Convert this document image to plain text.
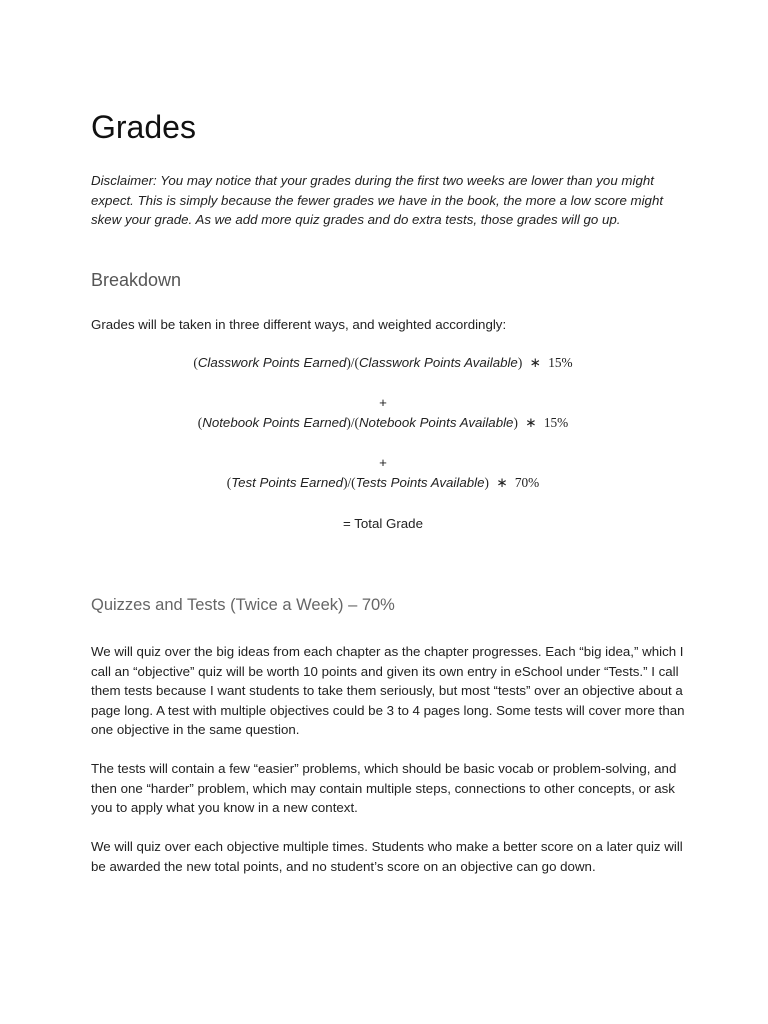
Grades

Disclaimer: You may notice that your grades during the first two weeks are lower than you might expect. This is simply because the fewer grades we have in the book, the more a low score might skew your grade. As we add more quiz grades and do extra tests, those grades will go up.

Breakdown

Grades will be taken in three different ways, and weighted accordingly:

(Classwork Points Earned)/(Classwork Points Available) ∗ 15%
+
(Notebook Points Earned)/(Notebook Points Available) ∗ 15%
+
(Test Points Earned)/(Tests Points Available) ∗ 70%
= Total Grade
Quizzes and Tests (Twice a Week) – 70%

We will quiz over the big ideas from each chapter as the chapter progresses. Each “big idea,” which I call an “objective” quiz will be worth 10 points and given its own entry in eSchool under “Tests.” I call them tests because I want students to take them seriously, but most “tests” over an objective about a page long. A test with multiple objectives could be 3 to 4 pages long. Some tests will cover more than one objective in the same question.

The tests will contain a few “easier” problems, which should be basic vocab or problem-solving, and then one “harder” problem, which may contain multiple steps, connections to other concepts, or ask you to apply what you know in a new context.

We will quiz over each objective multiple times. Students who make a better score on a later quiz will be awarded the new total points, and no student’s score on an objective can go down.
